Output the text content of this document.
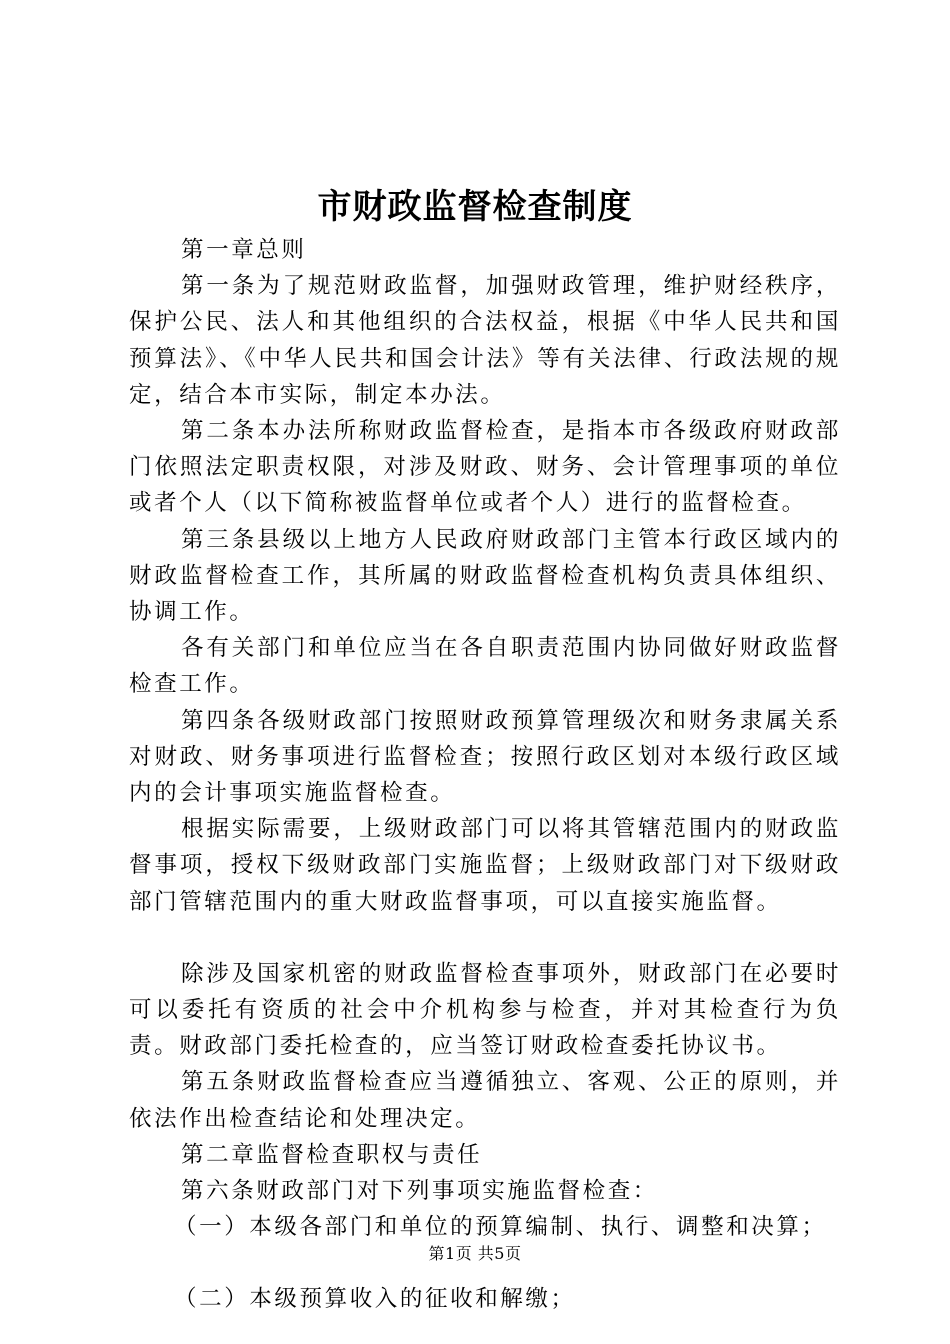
市财政监督检查制度

第一章总则

第一条为了规范财政监督，加强财政管理，维护财经秩序，保护公民、法人和其他组织的合法权益，根据《中华人民共和国预算法》、《中华人民共和国会计法》等有关法律、行政法规的规定，结合本市实际，制定本办法。

第二条本办法所称财政监督检查，是指本市各级政府财政部门依照法定职责权限，对涉及财政、财务、会计管理事项的单位或者个人（以下简称被监督单位或者个人）进行的监督检查。

第三条县级以上地方人民政府财政部门主管本行政区域内的财政监督检查工作，其所属的财政监督检查机构负责具体组织、协调工作。

各有关部门和单位应当在各自职责范围内协同做好财政监督检查工作。

第四条各级财政部门按照财政预算管理级次和财务隶属关系对财政、财务事项进行监督检查；按照行政区划对本级行政区域内的会计事项实施监督检查。

根据实际需要，上级财政部门可以将其管辖范围内的财政监督事项，授权下级财政部门实施监督；上级财政部门对下级财政部门管辖范围内的重大财政监督事项，可以直接实施监督。

除涉及国家机密的财政监督检查事项外，财政部门在必要时可以委托有资质的社会中介机构参与检查，并对其检查行为负责。财政部门委托检查的，应当签订财政检查委托协议书。

第五条财政监督检查应当遵循独立、客观、公正的原则，并依法作出检查结论和处理决定。

第二章监督检查职权与责任

第六条财政部门对下列事项实施监督检查：

（一）本级各部门和单位的预算编制、执行、调整和决算；

（二）本级预算收入的征收和解缴；

第1页 共5页
